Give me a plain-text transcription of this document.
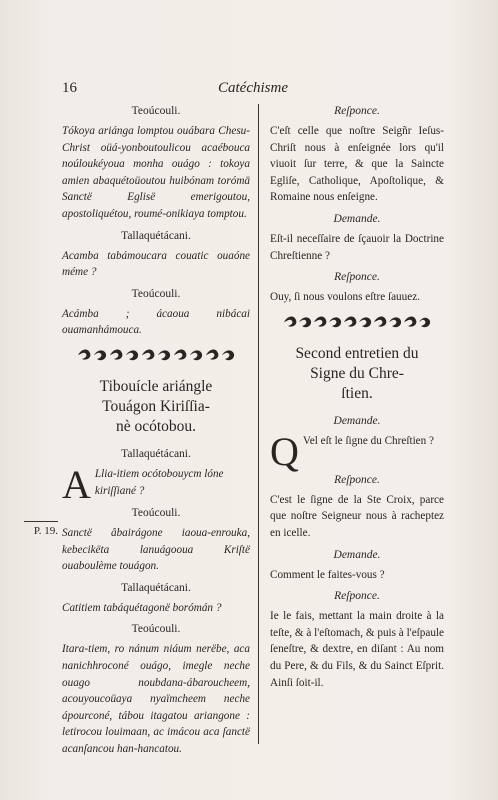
16	Catéchisme
P. 19.
Teoúcouli.

Tókoya ariánga lomptou ouábara Chesu-Christ oüá-yonboutoulicou acaébouca noúloukéyoua monha ouágo : tokoya amien abaquétoüoutou huibónam torómä Sanctë Eglisë emerigoutou, apostoliquétou, roumé-onikiaya tomptou.

Tallaquétácani.

Acamba tabámoucara couatic ouaóne méme ?

Teoúcouli.

Acámba ; ácaoua nibácai ouamanhámouca.

Tibouícle ariángle
Touágon Kiriſſia-
nè ocótobou.
Tallaquétácani.

A Llia-itiem ocótobouycm lóne kiriſſiané ?

Teoúcouli.

Sanctë âbairágone iaoua-enrouka, kebecikëta lanuágooua Kriſtë ouaboulème touágon.

Tallaquétácani.

Catitiem tabáquétagonë borómán ?

Teoúcouli.

Itara-tiem, ro nánum niáum nerëbe, aca nanichhroconé ouágo, imegle neche ouago noubdana-ábaroucheem, acouyoucoüaya nyaïmcheem neche ápourconé, tábou itagatou ariangone : letirocou louimaan, ac imácou aca ſanctë acanſancou han-hancatou.

Reſponce.

C'eſt celle que noſtre Seigñr Ieſus-Chriſt nous à enſeignée lors qu'il viuoit ſur terre, & que la Saincte Egliſe, Catholique, Apoſtolique, & Romaine nous enſeigne.

Demande.

Eſt-il neceſſaire de ſçauoir la Doctrine Chreſtienne ?

Reſponce.

Ouy, ſi nous voulons eſtre ſauuez.

Second entretien du
Signe du Chre-
ſtien.
Demande.

Q Vel eſt le ſigne du Chreſtien ?

Reſponce.

C'est le ſigne de la Ste Croix, parce que noſtre Seigneur nous à racheptez en icelle.

Demande.

Comment le faites-vous ?

Reſponce.

Ie le fais, mettant la main droite à la teſte, & à l'eſtomach, & puis à l'eſpaule ſeneſtre, & dextre, en diſant : Au nom du Pere, & du Fils, & du Sainct Eſprit. Ainſi ſoit-il.
